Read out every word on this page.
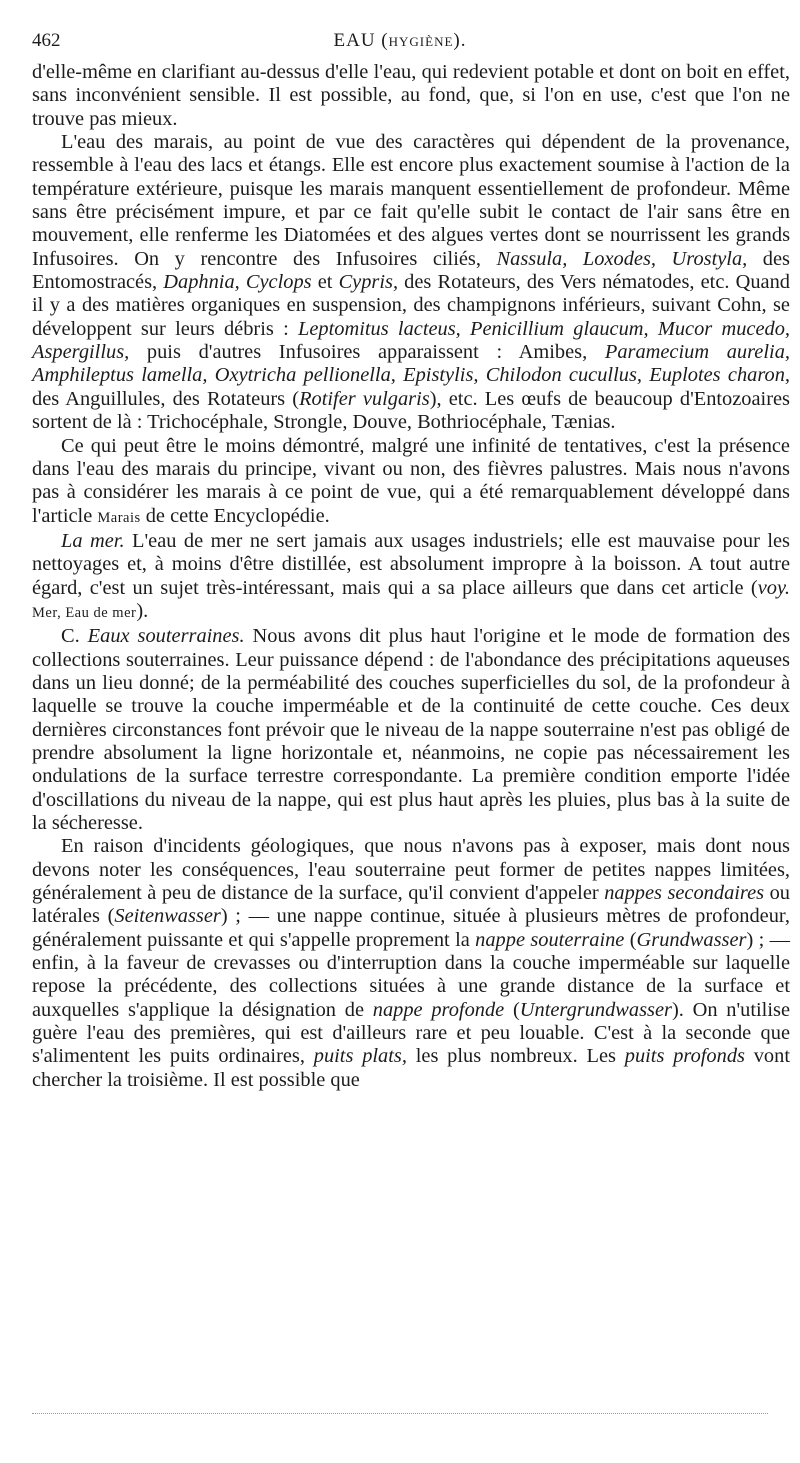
462	EAU (HYGIÈNE).

d'elle-même en clarifiant au-dessus d'elle l'eau, qui redevient potable et dont on boit en effet, sans inconvénient sensible. Il est possible, au fond, que, si l'on en use, c'est que l'on ne trouve pas mieux.

L'eau des marais, au point de vue des caractères qui dépendent de la provenance, ressemble à l'eau des lacs et étangs. Elle est encore plus exactement soumise à l'action de la température extérieure, puisque les marais manquent essentiellement de profondeur. Même sans être précisément impure, et par ce fait qu'elle subit le contact de l'air sans être en mouvement, elle renferme les Diatomées et des algues vertes dont se nourrissent les grands Infusoires. On y rencontre des Infusoires ciliés, Nassula, Loxodes, Urostyla, des Entomostracés, Daphnia, Cyclops et Cypris, des Rotateurs, des Vers nématodes, etc. Quand il y a des matières organiques en suspension, des champignons inférieurs, suivant Cohn, se développent sur leurs débris : Leptomitus lacteus, Penicillium glaucum, Mucor mucedo, Aspergillus, puis d'autres Infusoires apparaissent : Amibes, Paramecium aurelia, Amphileptus lamella, Oxytricha pellionella, Epistylis, Chilodon cucullus, Euplotes charon, des Anguillules, des Rotateurs (Rotifer vulgaris), etc. Les œufs de beaucoup d'Entozoaires sortent de là : Trichocéphale, Strongle, Douve, Bothriocéphale, Tænias.

Ce qui peut être le moins démontré, malgré une infinité de tentatives, c'est la présence dans l'eau des marais du principe, vivant ou non, des fièvres palustres. Mais nous n'avons pas à considérer les marais à ce point de vue, qui a été remarquablement développé dans l'article Marais de cette Encyclopédie.

La mer. L'eau de mer ne sert jamais aux usages industriels; elle est mauvaise pour les nettoyages et, à moins d'être distillée, est absolument impropre à la boisson. A tout autre égard, c'est un sujet très-intéressant, mais qui a sa place ailleurs que dans cet article (voy. Mer, Eau de mer).

C. Eaux souterraines. Nous avons dit plus haut l'origine et le mode de formation des collections souterraines. Leur puissance dépend : de l'abondance des précipitations aqueuses dans un lieu donné; de la perméabilité des couches superficielles du sol, de la profondeur à laquelle se trouve la couche imperméable et de la continuité de cette couche. Ces deux dernières circonstances font prévoir que le niveau de la nappe souterraine n'est pas obligé de prendre absolument la ligne horizontale et, néanmoins, ne copie pas nécessairement les ondulations de la surface terrestre correspondante. La première condition emporte l'idée d'oscillations du niveau de la nappe, qui est plus haut après les pluies, plus bas à la suite de la sécheresse.

En raison d'incidents géologiques, que nous n'avons pas à exposer, mais dont nous devons noter les conséquences, l'eau souterraine peut former de petites nappes limitées, généralement à peu de distance de la surface, qu'il convient d'appeler nappes secondaires ou latérales (Seitenwasser) ; — une nappe continue, située à plusieurs mètres de profondeur, généralement puissante et qui s'appelle proprement la nappe souterraine (Grundwasser) ; — enfin, à la faveur de crevasses ou d'interruption dans la couche imperméable sur laquelle repose la précédente, des collections situées à une grande distance de la surface et auxquelles s'applique la désignation de nappe profonde (Untergrundwasser). On n'utilise guère l'eau des premières, qui est d'ailleurs rare et peu louable. C'est à la seconde que s'alimentent les puits ordinaires, puits plats, les plus nombreux. Les puits profonds vont chercher la troisième. Il est possible que
